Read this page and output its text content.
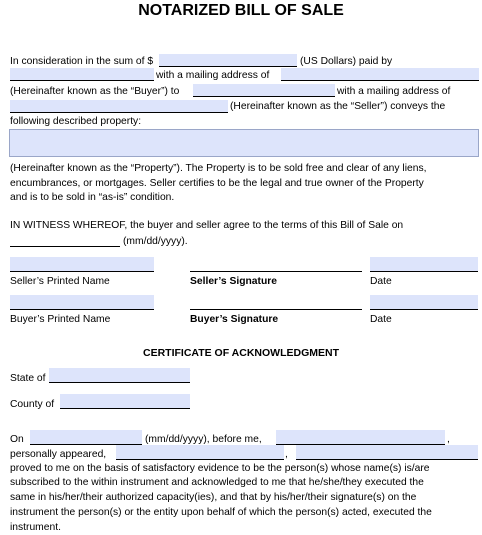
NOTARIZED BILL OF SALE
In consideration in the sum of $	(US Dollars) paid by
with a mailing address of
(Hereinafter known as the “Buyer”) to	with a mailing address of
(Hereinafter known as the “Seller”) conveys the
following described property:
(Hereinafter known as the “Property”). The Property is to be sold free and clear of any liens,
encumbrances, or mortgages. Seller certifies to be the legal and true owner of the Property
and is to be sold in “as-is” condition.
IN WITNESS WHEREOF, the buyer and seller agree to the terms of this Bill of Sale on
(mm/dd/yyyy).
Seller’s Printed Name	Seller’s Signature	Date
Buyer’s Printed Name	Buyer’s Signature	Date
CERTIFICATE OF ACKNOWLEDGMENT
State of
County of
On	(mm/dd/yyyy), before me,	,
personally appeared,	,
proved to me on the basis of satisfactory evidence to be the person(s) whose name(s) is/are
subscribed to the within instrument and acknowledged to me that he/she/they executed the
same in his/her/their authorized capacity(ies), and that by his/her/their signature(s) on the
instrument the person(s) or the entity upon behalf of which the person(s) acted, executed the
instrument.
